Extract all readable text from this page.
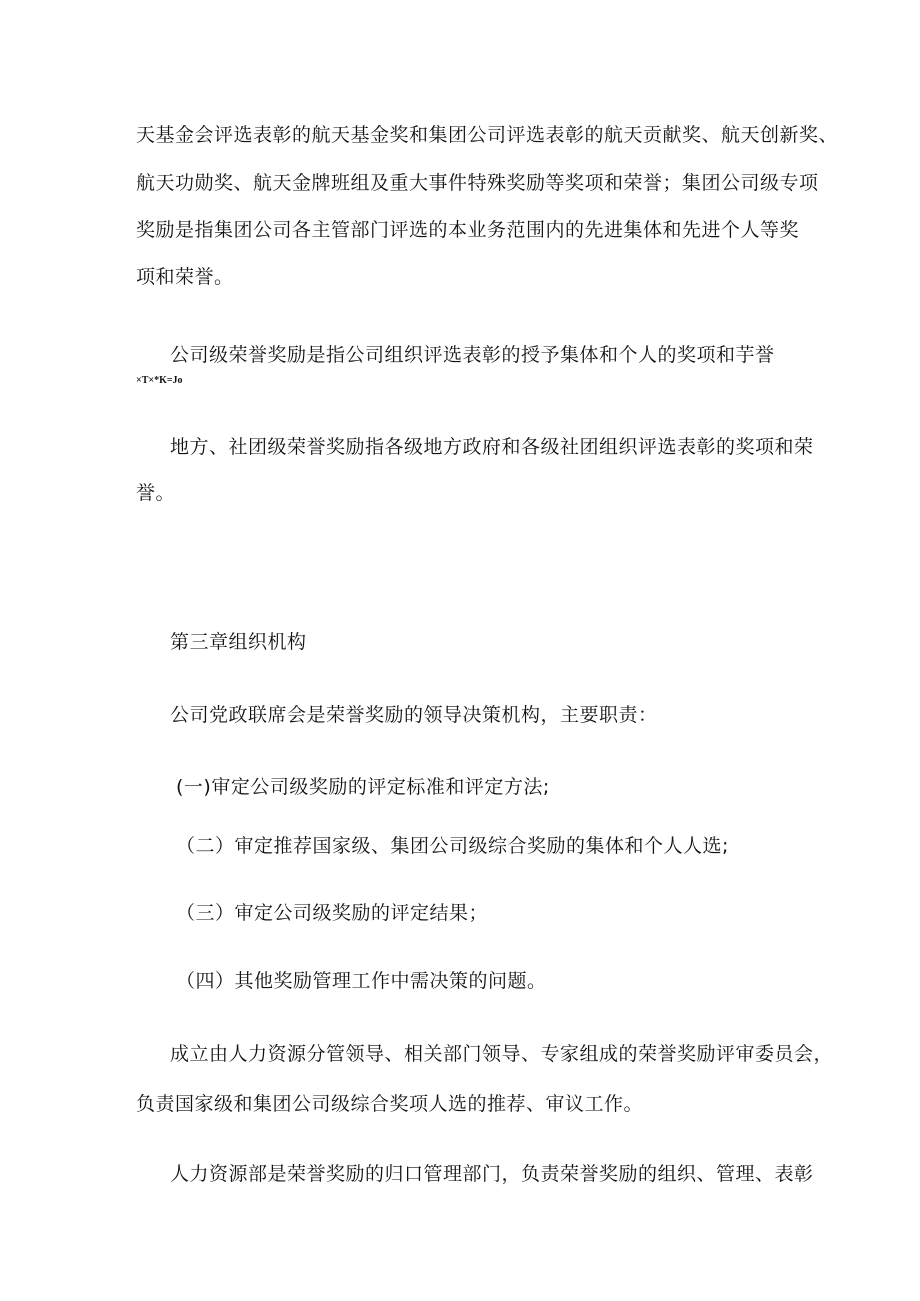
天基金会评选表彰的航天基金奖和集团公司评选表彰的航天贡献奖、航天创新奖、
航天功勋奖、航天金牌班组及重大事件特殊奖励等奖项和荣誉；集团公司级专项
奖励是指集团公司各主管部门评选的本业务范围内的先进集体和先进个人等奖
项和荣誉。
公司级荣誉奖励是指公司组织评选表彰的授予集体和个人的奖项和芋誉
×T×*K=Jo
地方、社团级荣誉奖励指各级地方政府和各级社团组织评选表彰的奖项和荣
誉。
第三章组织机构
公司党政联席会是荣誉奖励的领导决策机构，主要职责：
(一)审定公司级奖励的评定标准和评定方法;
（二）审定推荐国家级、集团公司级综合奖励的集体和个人人选;
（三）审定公司级奖励的评定结果；
（四）其他奖励管理工作中需决策的问题。
成立由人力资源分管领导、相关部门领导、专家组成的荣誉奖励评审委员会，
负责国家级和集团公司级综合奖项人选的推荐、审议工作。
人力资源部是荣誉奖励的归口管理部门，负责荣誉奖励的组织、管理、表彰
